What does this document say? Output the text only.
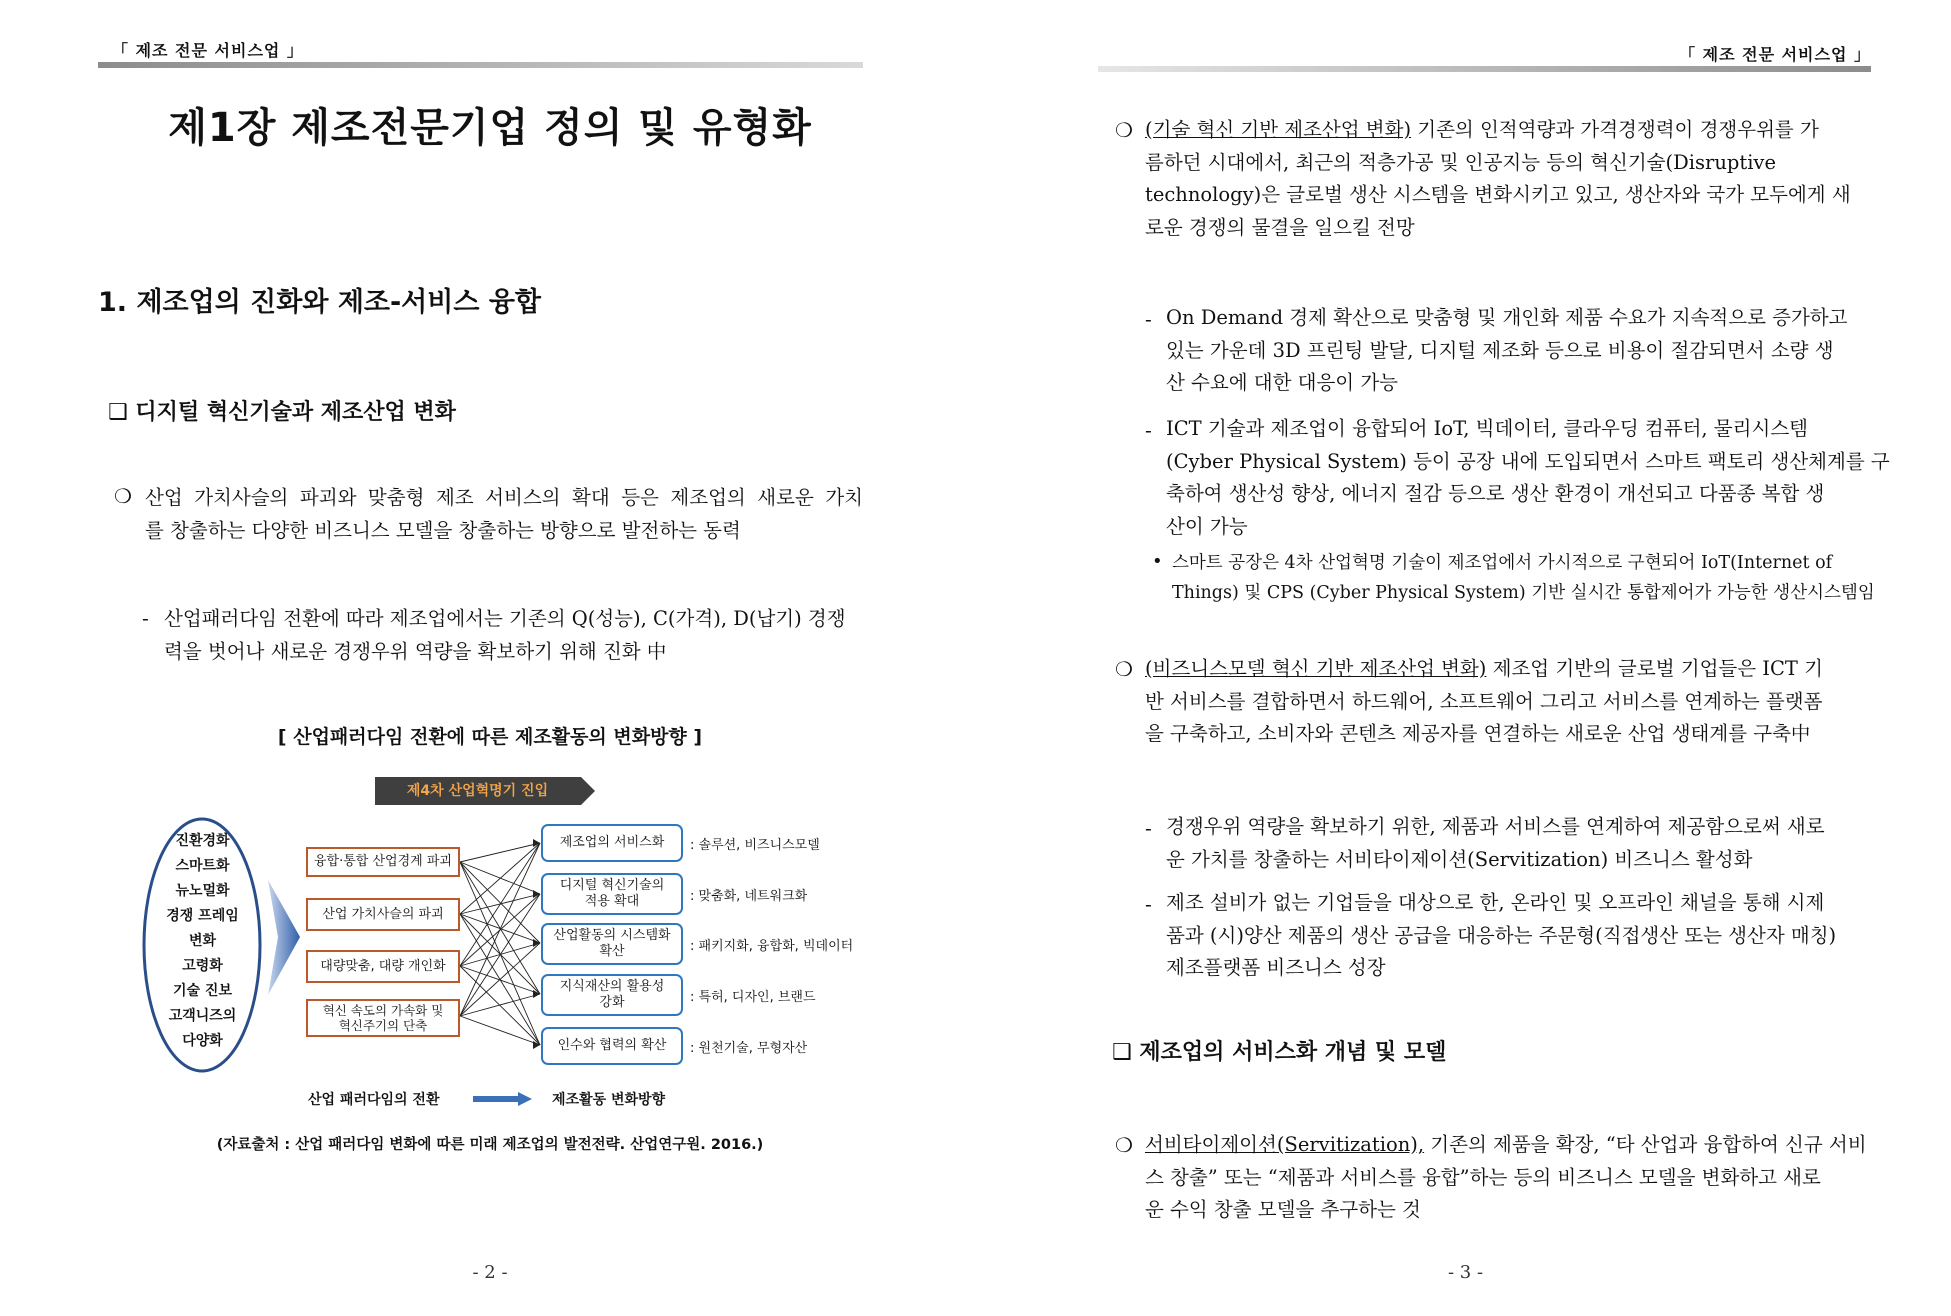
「 제조 전문 서비스업 」
제1장 제조전문기업 정의 및 유형화
1. 제조업의 진화와 제조-서비스 융합
❑ 디지털 혁신기술과 제조산업 변화
❍ 산업 가치사슬의 파괴와 맞춤형 제조 서비스의 확대 등은 제조업의 새로운 가치
를 창출하는 다양한 비즈니스 모델을 창출하는 방향으로 발전하는 동력
- 산업패러다임 전환에 따라 제조업에서는 기존의 Q(성능), C(가격), D(납기) 경쟁
력을 벗어나 새로운 경쟁우위 역량을 확보하기 위해 진화 中
[ 산업패러다임 전환에 따른 제조활동의 변화방향 ]
제4차 산업혁명기 진입
진환경화
스마트화
뉴노멀화
경쟁 프레임
변화
고령화
기술 진보
고객니즈의
다양화
융합·통합 산업경계 파괴
산업 가치사슬의 파괴
대량맞춤, 대량 개인화
혁신 속도의 가속화 및
혁신주기의 단축
제조업의 서비스화
디지털 혁신기술의
적용 확대
산업활동의 시스템화
확산
지식재산의 활용성
강화
인수와 협력의 확산
: 솔루션, 비즈니스모델
: 맞춤화, 네트워크화
: 패키지화, 융합화, 빅데이터
: 특허, 디자인, 브랜드
: 원천기술, 무형자산
산업 패러다임의 전환	제조활동 변화방향
(자료출처 : 산업 패러다임 변화에 따른 미래 제조업의 발전전략. 산업연구원. 2016.)
- 2 -
「 제조 전문 서비스업 」
❍ (기술 혁신 기반 제조산업 변화) 기존의 인적역량과 가격경쟁력이 경쟁우위를 가
름하던 시대에서, 최근의 적층가공 및 인공지능 등의 혁신기술(Disruptive
technology)은 글로벌 생산 시스템을 변화시키고 있고, 생산자와 국가 모두에게 새
로운 경쟁의 물결을 일으킬 전망
- On Demand 경제 확산으로 맞춤형 및 개인화 제품 수요가 지속적으로 증가하고
있는 가운데 3D 프린팅 발달, 디지털 제조화 등으로 비용이 절감되면서 소량 생
산 수요에 대한 대응이 가능
- ICT 기술과 제조업이 융합되어 IoT, 빅데이터, 클라우딩 컴퓨터, 물리시스템
(Cyber Physical System) 등이 공장 내에 도입되면서 스마트 팩토리 생산체계를 구
축하여 생산성 향상, 에너지 절감 등으로 생산 환경이 개선되고 다품종 복합 생
산이 가능
• 스마트 공장은 4차 산업혁명 기술이 제조업에서 가시적으로 구현되어 IoT(Internet of
Things) 및 CPS (Cyber Physical System) 기반 실시간 통합제어가 가능한 생산시스템임
❍ (비즈니스모델 혁신 기반 제조산업 변화) 제조업 기반의 글로벌 기업들은 ICT 기
반 서비스를 결합하면서 하드웨어, 소프트웨어 그리고 서비스를 연계하는 플랫폼
을 구축하고, 소비자와 콘텐츠 제공자를 연결하는 새로운 산업 생태계를 구축中
- 경쟁우위 역량을 확보하기 위한, 제품과 서비스를 연계하여 제공함으로써 새로
운 가치를 창출하는 서비타이제이션(Servitization) 비즈니스 활성화
- 제조 설비가 없는 기업들을 대상으로 한, 온라인 및 오프라인 채널을 통해 시제
품과 (시)양산 제품의 생산 공급을 대응하는 주문형(직접생산 또는 생산자 매칭)
제조플랫폼 비즈니스 성장
❑ 제조업의 서비스화 개념 및 모델
❍ 서비타이제이션(Servitization), 기존의 제품을 확장, “타 산업과 융합하여 신규 서비
스 창출” 또는 “제품과 서비스를 융합”하는 등의 비즈니스 모델을 변화하고 새로
운 수익 창출 모델을 추구하는 것
- 3 -
